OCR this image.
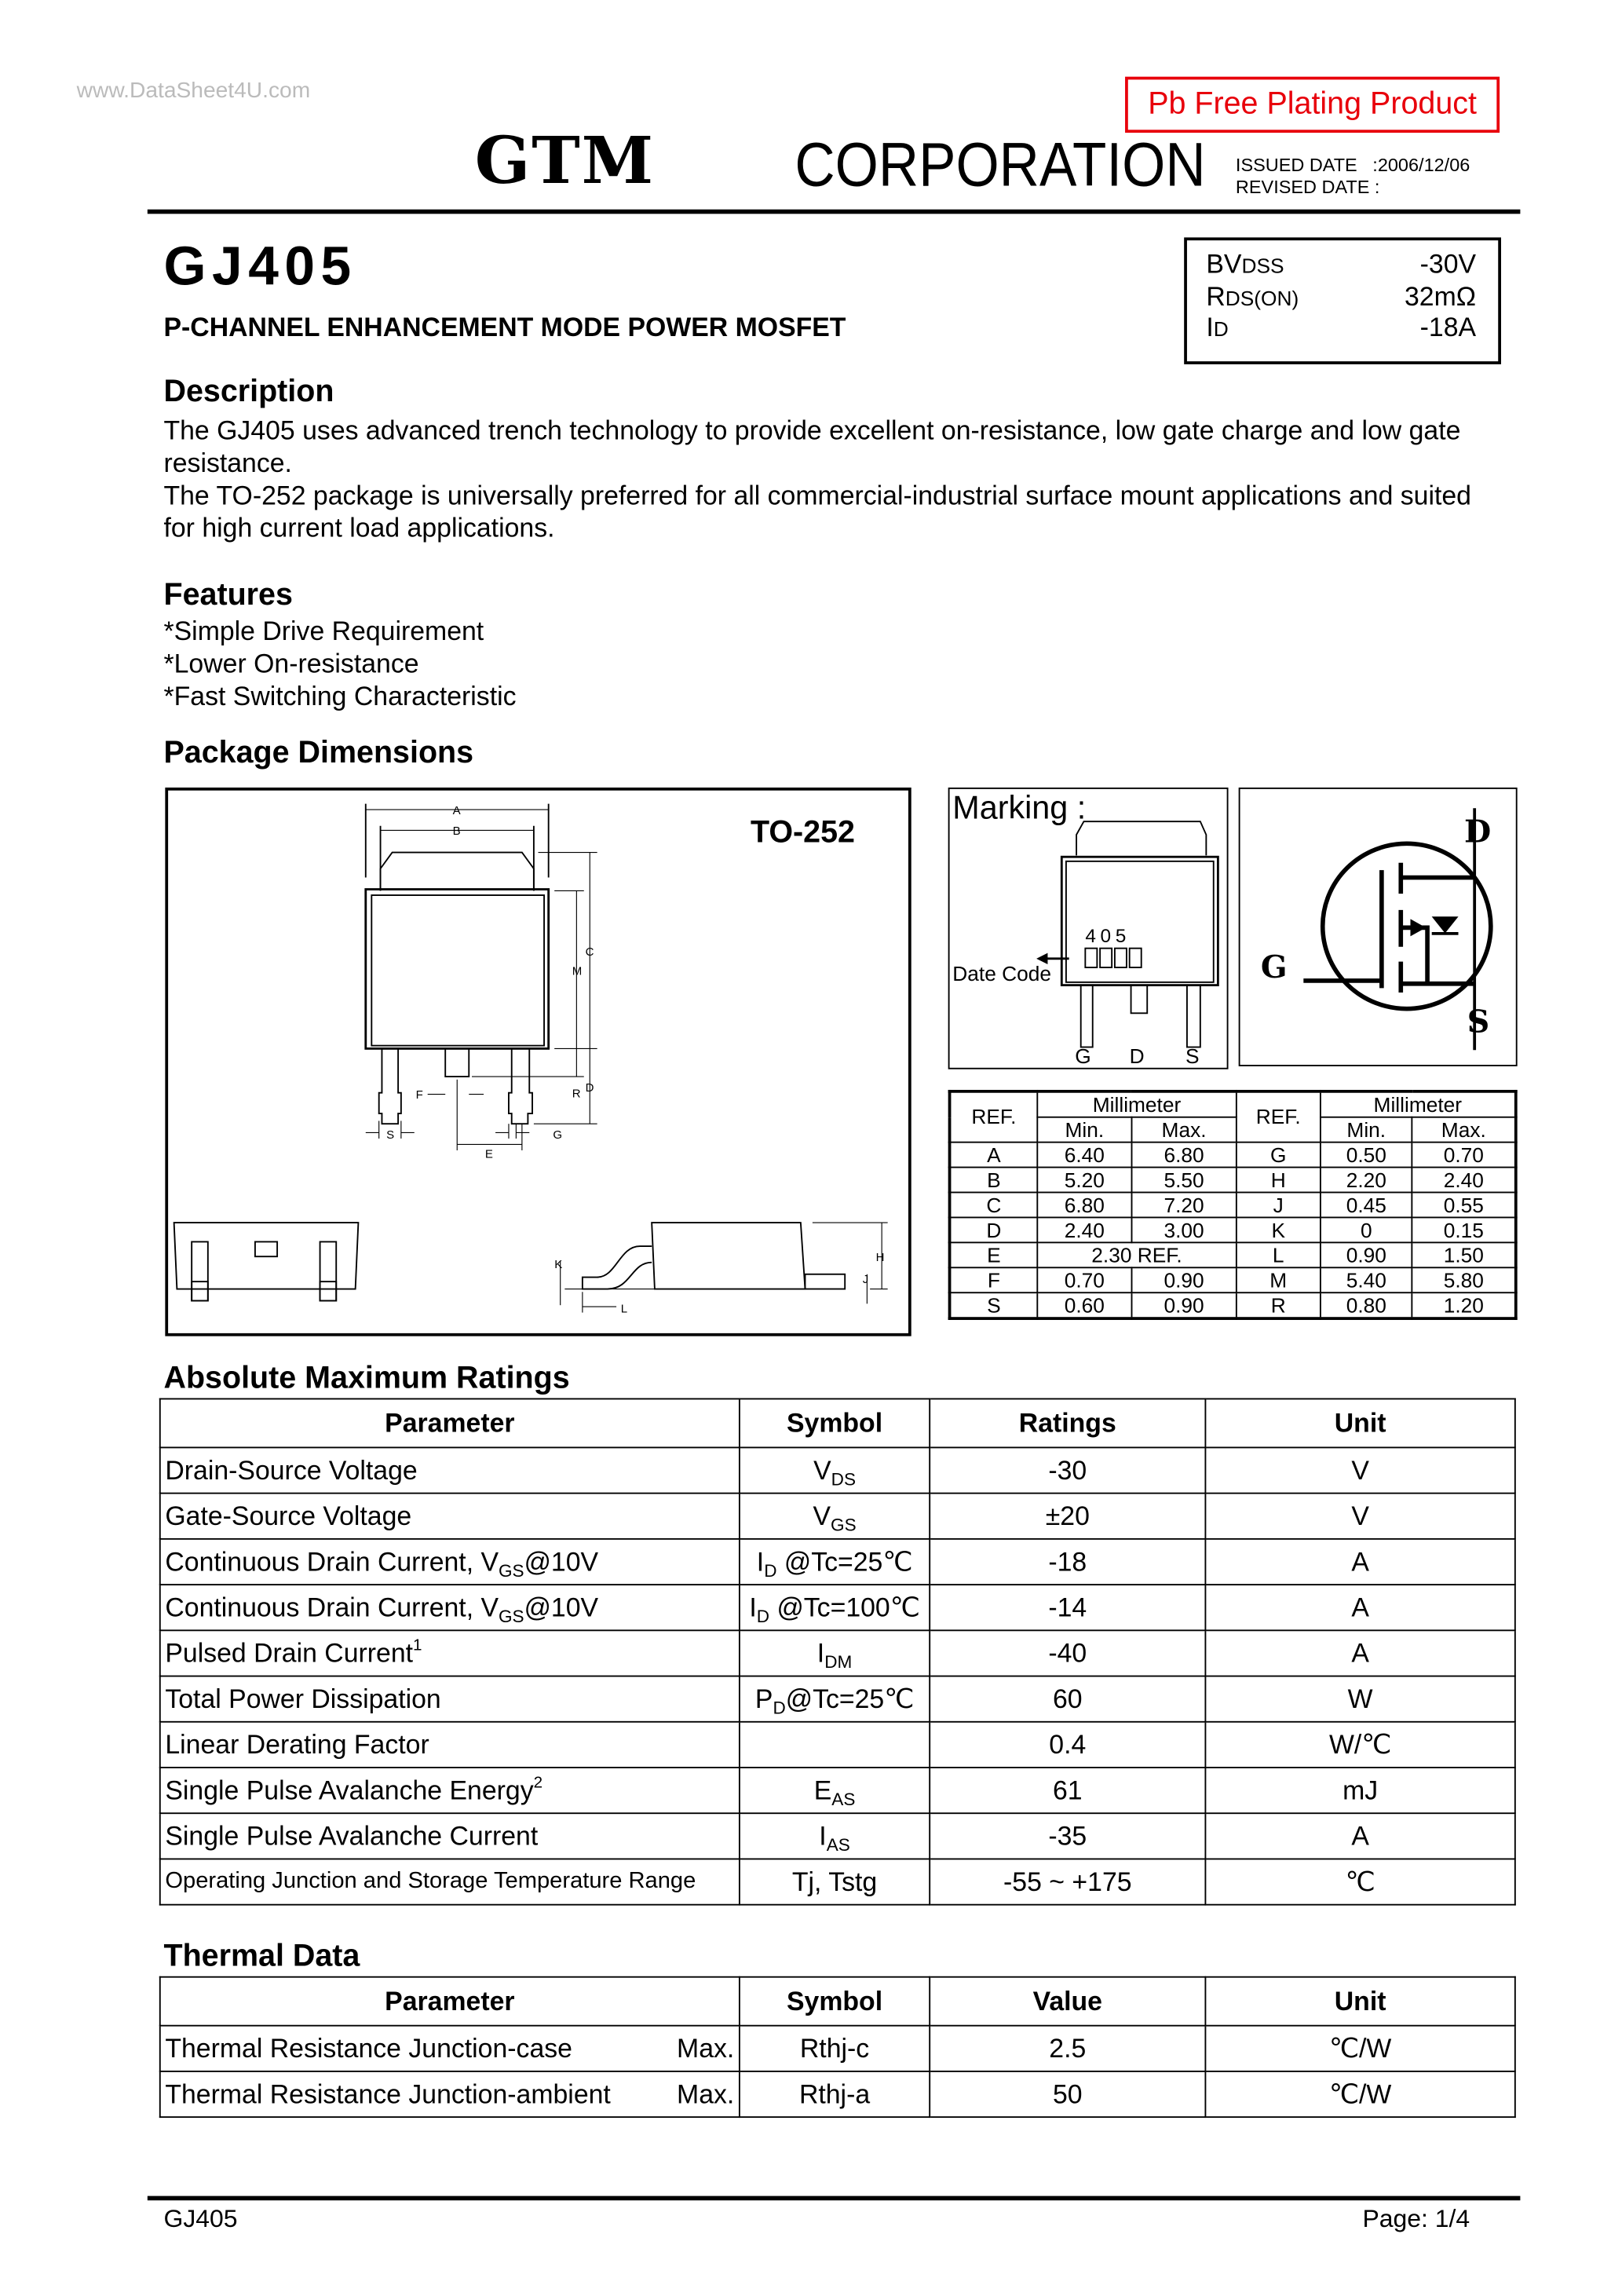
www.DataSheet4U.com	Pb Free Plating Product
GTM	CORPORATION	ISSUED DATE :2006/12/06
REVISED DATE :
GJ405
P-CHANNEL ENHANCEMENT MODE POWER MOSFET
BVDSS	-30V
RDS(ON)	32mΩ
ID	-18A
Description
The GJ405 uses advanced trench technology to provide excellent on-resistance, low gate charge and low gate
resistance.
The TO-252 package is universally preferred for all commercial-industrial surface mount applications and suited
for high current load applications.
Features
*Simple Drive Requirement
*Lower On-resistance
*Fast Switching Characteristic
Package Dimensions
TO-252
Marking :
405
Date Code
G	D	S
D
G
S
A
B
C
M
D
R
F
S
E
G
K
H
J
L
REF.	Millimeter		REF.	Millimeter	
	Min.	Max.		Min.	Max.
A	6.40	6.80	G	0.50	0.70
B	5.20	5.50	H	2.20	2.40
C	6.80	7.20	J	0.45	0.55
D	2.40	3.00	K	0	0.15
E	2.30 REF.		L	0.90	1.50
F	0.70	0.90	M	5.40	5.80
S	0.60	0.90	R	0.80	1.20
Absolute Maximum Ratings
Parameter	Symbol	Ratings	Unit
Drain-Source Voltage	$V_{DS}$	-30	V
Gate-Source Voltage	$V_{GS}$	±20	V
Continuous Drain Current, $V_{GS}@10V$	$I_D$ @Tc=25℃	-18	A
Continuous Drain Current, $V_{GS}@10V$	$I_D$ @Tc=100℃	-14	A
Pulsed Drain Current$^1$	$I_{DM}$	-40	A
Total Power Dissipation	$P_D@Tc=25℃$	60	W
Linear Derating Factor		0.4	W/℃
Single Pulse Avalanche Energy$^2$	$E_{AS}$	61	mJ
Single Pulse Avalanche Current	$I_{AS}$	-35	A
Operating Junction and Storage Temperature Range	Tj, Tstg	-55 ~ +175	℃
Thermal Data
Parameter	Symbol	Value	Unit
Thermal Resistance Junction-case Max.	Rthj-c	2.5	℃/W
Thermal Resistance Junction-ambient Max.	Rthj-a	50	℃/W
GJ405	Page: 1/4
